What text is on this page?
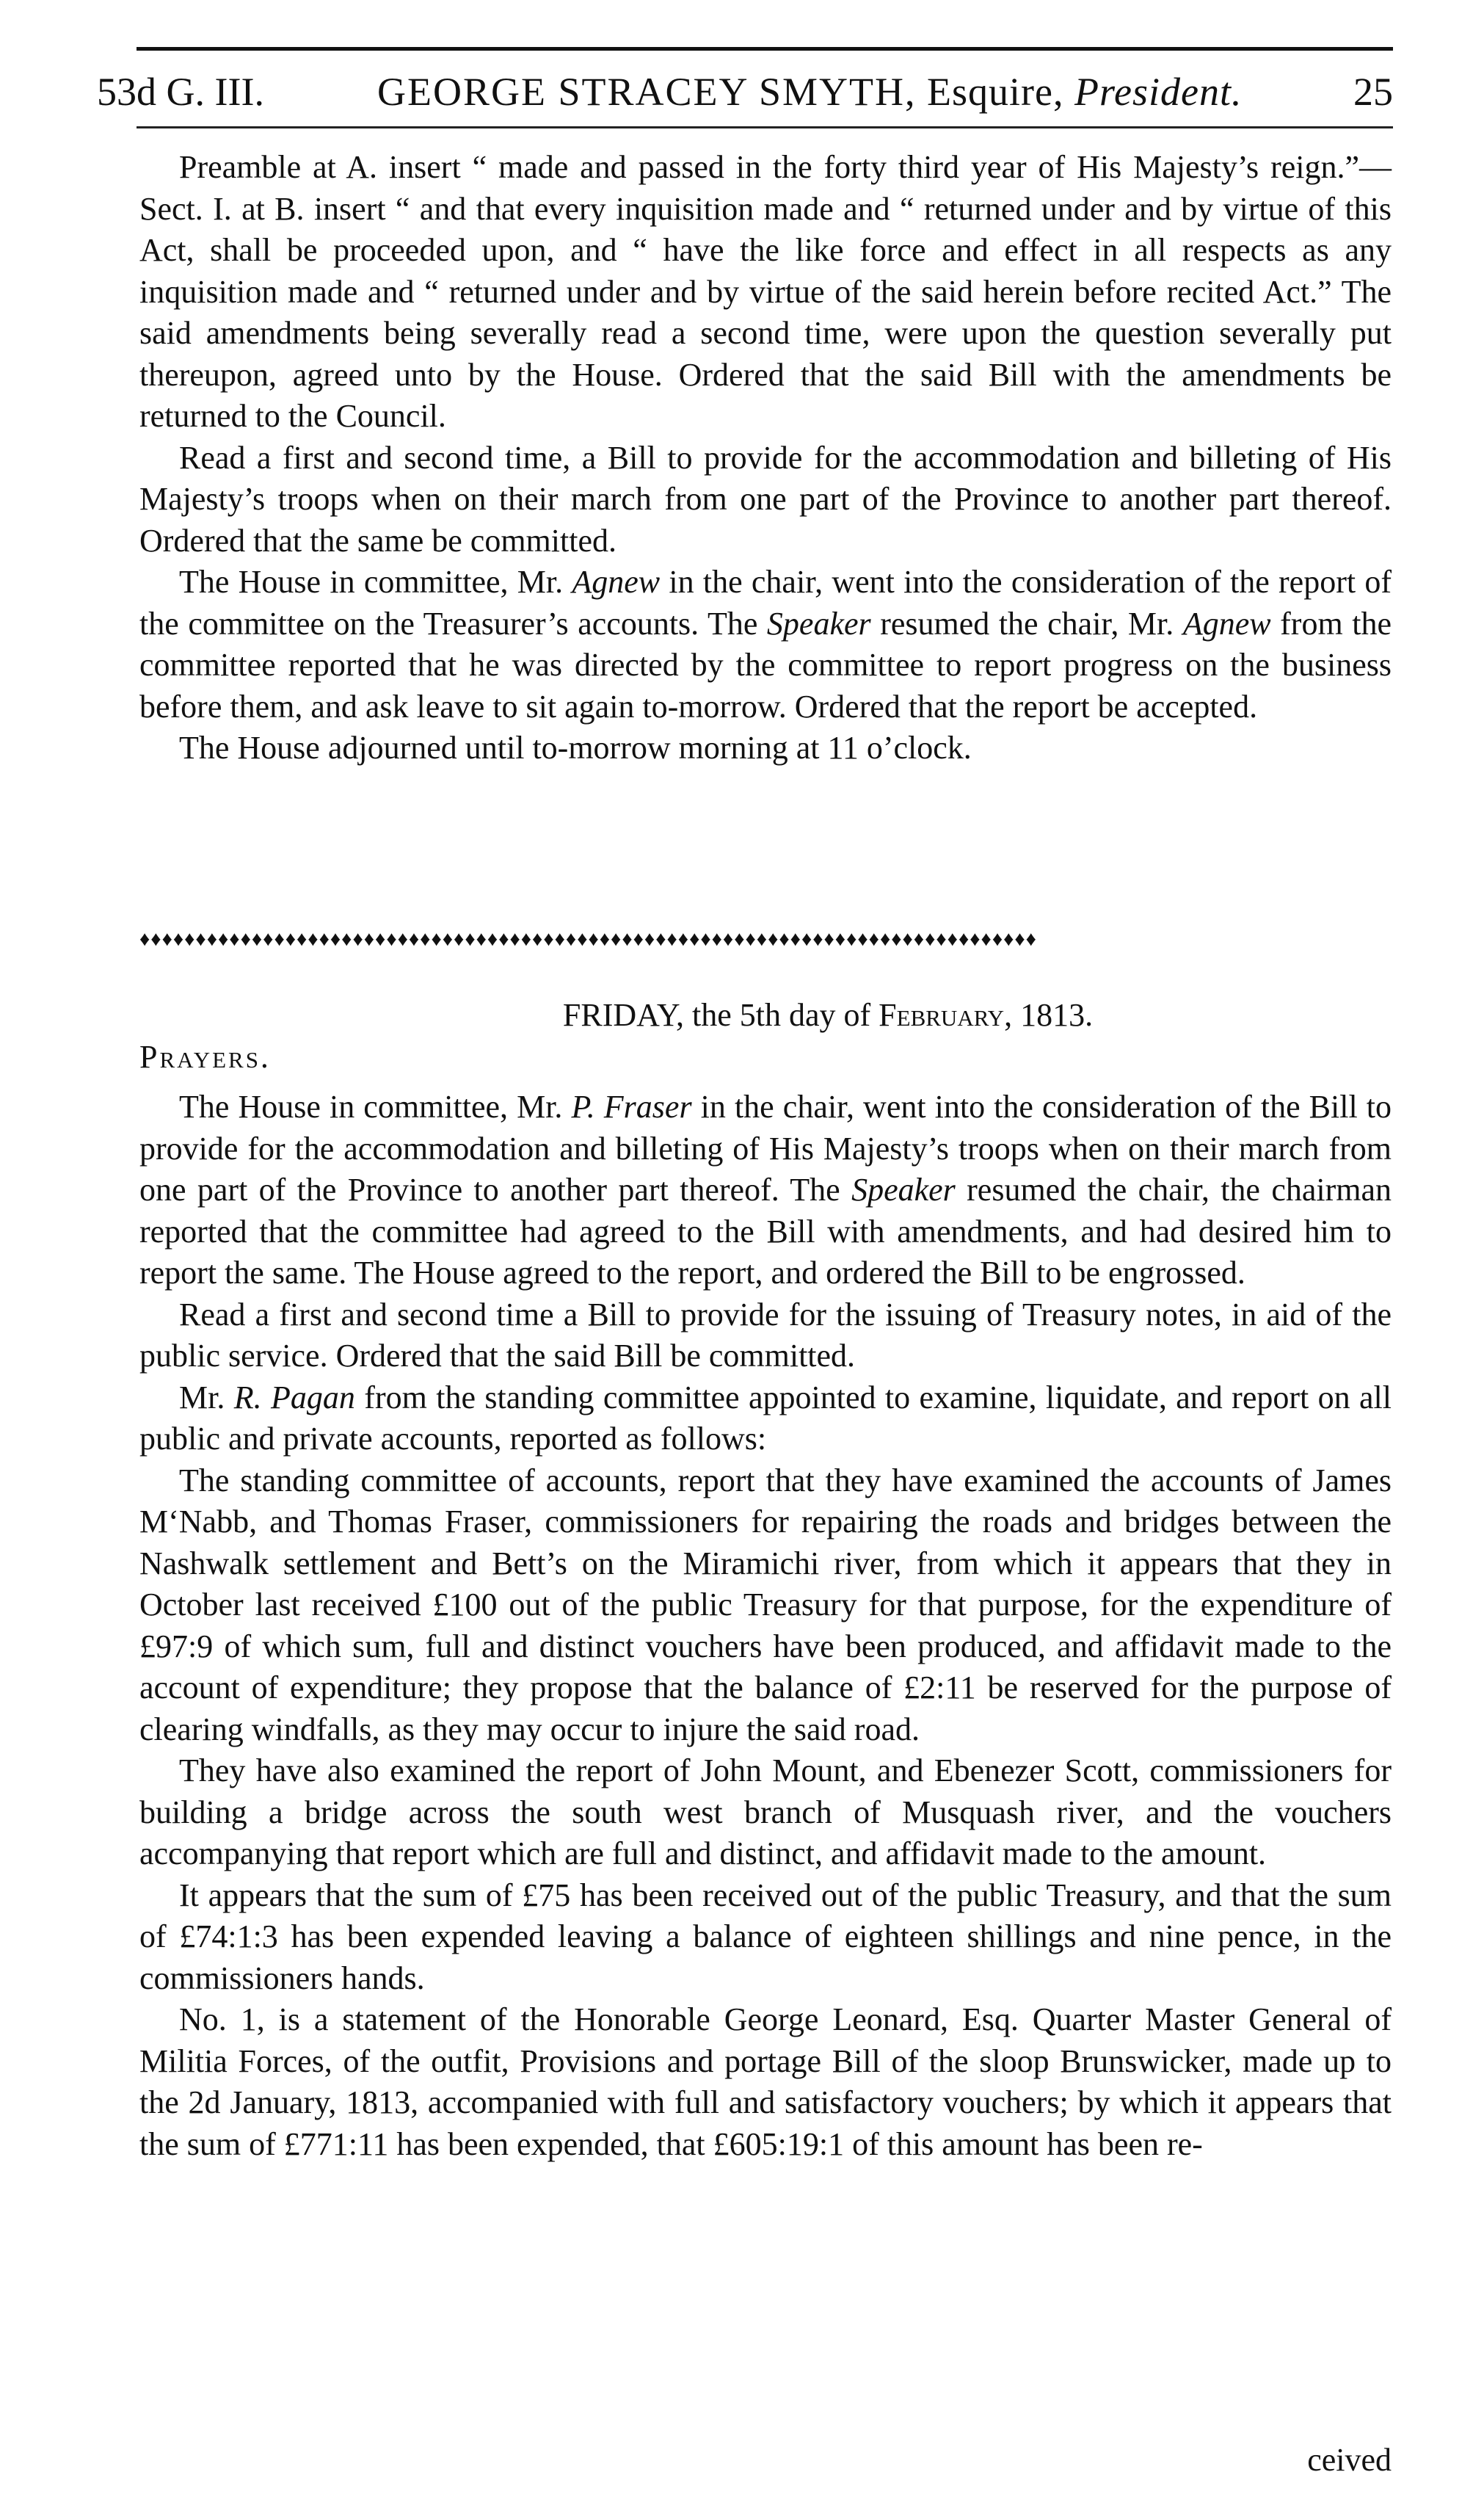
53d G. III.	GEORGE STRACEY SMYTH, Esquire, President.	25

Preamble at A. insert “ made and passed in the forty third year of His Majesty’s reign.”—Sect. I. at B. insert “ and that every inquisition made and “ returned under and by virtue of this Act, shall be proceeded upon, and “ have the like force and effect in all respects as any inquisition made and “ returned under and by virtue of the said herein before recited Act.” The said amendments being severally read a second time, were upon the question severally put thereupon, agreed unto by the House. Ordered that the said Bill with the amendments be returned to the Council.

Read a first and second time, a Bill to provide for the accommodation and billeting of His Majesty’s troops when on their march from one part of the Province to another part thereof. Ordered that the same be committed.

The House in committee, Mr. Agnew in the chair, went into the consideration of the report of the committee on the Treasurer’s accounts. The Speaker resumed the chair, Mr. Agnew from the committee reported that he was directed by the committee to report progress on the business before them, and ask leave to sit again to-morrow. Ordered that the report be accepted.

The House adjourned until to-morrow morning at 11 o’clock.

♦♦♦♦♦♦♦♦♦♦♦♦♦♦♦♦♦♦♦♦♦♦♦♦♦♦♦♦♦♦♦♦♦♦♦♦♦♦♦♦♦♦♦♦♦♦♦♦♦♦♦♦♦♦♦♦♦♦♦♦♦♦♦♦♦♦♦♦♦♦♦♦♦♦♦♦♦♦♦♦
FRIDAY, the 5th day of February, 1813.
Prayers.

The House in committee, Mr. P. Fraser in the chair, went into the consideration of the Bill to provide for the accommodation and billeting of His Majesty’s troops when on their march from one part of the Province to another part thereof. The Speaker resumed the chair, the chairman reported that the committee had agreed to the Bill with amendments, and had desired him to report the same. The House agreed to the report, and ordered the Bill to be engrossed.

Read a first and second time a Bill to provide for the issuing of Treasury notes, in aid of the public service. Ordered that the said Bill be committed.

Mr. R. Pagan from the standing committee appointed to examine, liquidate, and report on all public and private accounts, reported as follows:

The standing committee of accounts, report that they have examined the accounts of James M‘Nabb, and Thomas Fraser, commissioners for repairing the roads and bridges between the Nashwalk settlement and Bett’s on the Miramichi river, from which it appears that they in October last received £100 out of the public Treasury for that purpose, for the expenditure of £97:9 of which sum, full and distinct vouchers have been produced, and affidavit made to the account of expenditure; they propose that the balance of £2:11 be reserved for the purpose of clearing windfalls, as they may occur to injure the said road.

They have also examined the report of John Mount, and Ebenezer Scott, commissioners for building a bridge across the south west branch of Musquash river, and the vouchers accompanying that report which are full and distinct, and affidavit made to the amount.

It appears that the sum of £75 has been received out of the public Treasury, and that the sum of £74:1:3 has been expended leaving a balance of eighteen shillings and nine pence, in the commissioners hands.

No. 1, is a statement of the Honorable George Leonard, Esq. Quarter Master General of Militia Forces, of the outfit, Provisions and portage Bill of the sloop Brunswicker, made up to the 2d January, 1813, accompanied with full and satisfactory vouchers; by which it appears that the sum of £771:11 has been expended, that £605:19:1 of this amount has been re-

ceived
